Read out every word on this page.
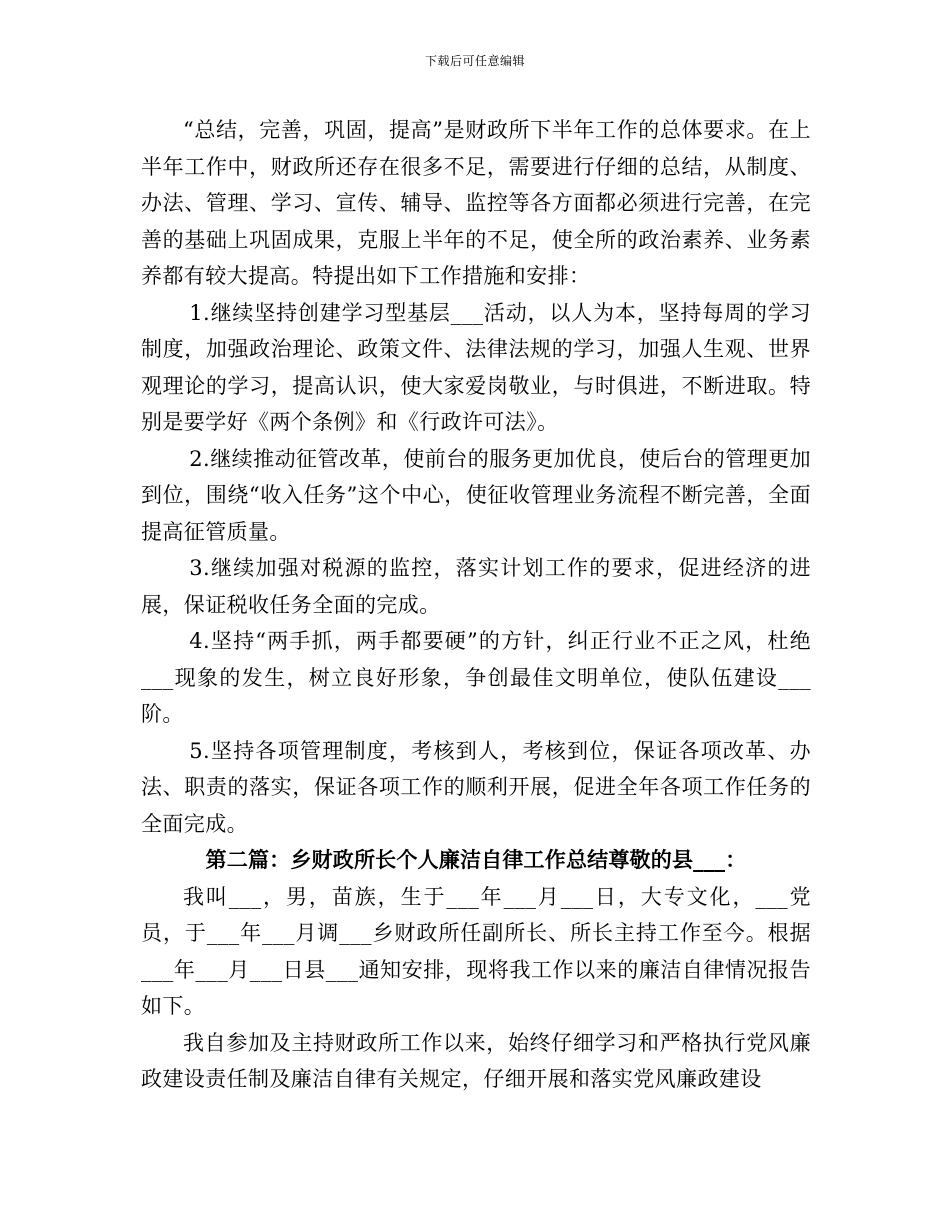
下载后可任意编辑

“总结，完善，巩固，提高”是财政所下半年工作的总体要求。在上半年工作中，财政所还存在很多不足，需要进行仔细的总结，从制度、办法、管理、学习、宣传、辅导、监控等各方面都必须进行完善，在完善的基础上巩固成果，克服上半年的不足，使全所的政治素养、业务素养都有较大提高。特提出如下工作措施和安排：

1.继续坚持创建学习型基层___活动，以人为本，坚持每周的学习制度，加强政治理论、政策文件、法律法规的学习，加强人生观、世界观理论的学习，提高认识，使大家爱岗敬业，与时俱进，不断进取。特别是要学好《两个条例》和《行政许可法》。

2.继续推动征管改革，使前台的服务更加优良，使后台的管理更加到位，围绕“收入任务”这个中心，使征收管理业务流程不断完善，全面提高征管质量。

3.继续加强对税源的监控，落实计划工作的要求，促进经济的进展，保证税收任务全面的完成。

4.坚持“两手抓，两手都要硬”的方针，纠正行业不正之风，杜绝___现象的发生，树立良好形象，争创最佳文明单位，使队伍建设___阶。

5.坚持各项管理制度，考核到人，考核到位，保证各项改革、办法、职责的落实，保证各项工作的顺利开展，促进全年各项工作任务的全面完成。

第二篇：乡财政所长个人廉洁自律工作总结尊敬的县___：

我叫___，男，苗族，生于___年___月___日，大专文化，___党员，于___年___月调___乡财政所任副所长、所长主持工作至今。根据___年___月___日县___通知安排，现将我工作以来的廉洁自律情况报告如下。

我自参加及主持财政所工作以来，始终仔细学习和严格执行党风廉政建设责任制及廉洁自律有关规定，仔细开展和落实党风廉政建设
